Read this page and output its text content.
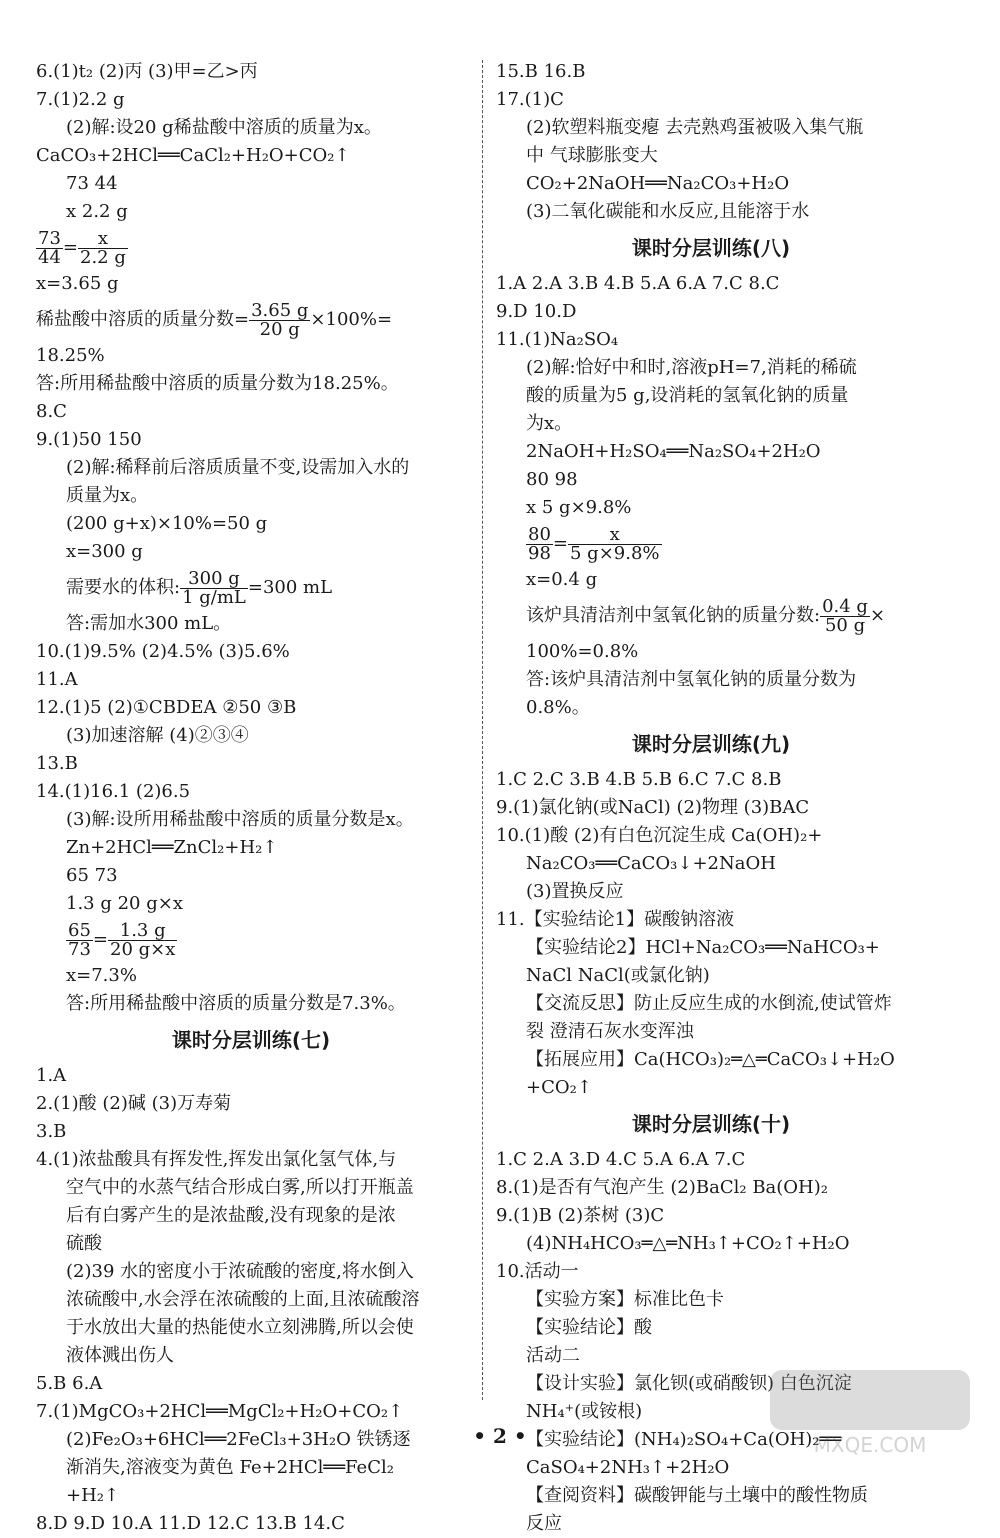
6.(1)t₂ (2)丙 (3)甲=乙>丙
7.(1)2.2 g
(2)解:设20 g稀盐酸中溶质的质量为x。
CaCO₃+2HCl══CaCl₂+H₂O+CO₂↑
73 44
x 2.2 g
$\frac{73}{44} = \frac{x}{2.2 g}$
x=3.65 g
稀盐酸中溶质的质量分数= $\frac{3.65 g}{20 g} \times 100\%=$
18.25%
答:所用稀盐酸中溶质的质量分数为18.25%。
8.C
9.(1)50 150
(2)解:稀释前后溶质质量不变,设需加入水的
质量为x。
(200 g+x)×10%=50 g
x=300 g
需要水的体积: $\frac{300 g}{1 g/mL} =300$ mL
答:需加水300 mL。
10.(1)9.5% (2)4.5% (3)5.6%
11.A
12.(1)5 (2)①CBDEA ②50 ③B
(3)加速溶解 (4)②③④
13.B
14.(1)16.1 (2)6.5
(3)解:设所用稀盐酸中溶质的质量分数是x。
Zn+2HCl══ZnCl₂+H₂↑
65 73
1.3 g 20 g×x
$\frac{65}{73} = \frac{1.3 g}{20 g\times x}$
x=7.3%
答:所用稀盐酸中溶质的质量分数是7.3%。
课时分层训练(七)
1.A
2.(1)酸 (2)碱 (3)万寿菊
3.B
4.(1)浓盐酸具有挥发性,挥发出氯化氢气体,与
空气中的水蒸气结合形成白雾,所以打开瓶盖
后有白雾产生的是浓盐酸,没有现象的是浓
硫酸
(2)39 水的密度小于浓硫酸的密度,将水倒入
浓硫酸中,水会浮在浓硫酸的上面,且浓硫酸溶
于水放出大量的热能使水立刻沸腾,所以会使
液体溅出伤人
5.B 6.A
7.(1)MgCO₃+2HCl══MgCl₂+H₂O+CO₂↑
(2)Fe₂O₃+6HCl══2FeCl₃+3H₂O 铁锈逐
渐消失,溶液变为黄色 Fe+2HCl══FeCl₂
+H₂↑
8.D 9.D 10.A 11.D 12.C 13.B 14.C
15.B 16.B
17.(1)C
(2)软塑料瓶变瘪 去壳熟鸡蛋被吸入集气瓶
中 气球膨胀变大
CO₂+2NaOH══Na₂CO₃+H₂O
(3)二氧化碳能和水反应,且能溶于水
课时分层训练(八)
1.A 2.A 3.B 4.B 5.A 6.A 7.C 8.C
9.D 10.D
11.(1)Na₂SO₄
(2)解:恰好中和时,溶液pH=7,消耗的稀硫
酸的质量为5 g,设消耗的氢氧化钠的质量
为x。
2NaOH+H₂SO₄══Na₂SO₄+2H₂O
80 98
x 5 g×9.8%
$\frac{80}{98} = \frac{x}{5 g\times 9.8\%}$
x=0.4 g
该炉具清洁剂中氢氧化钠的质量分数: $\frac{0.4 g}{50 g}$ ×
100%=0.8%
答:该炉具清洁剂中氢氧化钠的质量分数为
0.8%。
课时分层训练(九)
1.C 2.C 3.B 4.B 5.B 6.C 7.C 8.B
9.(1)氯化钠(或NaCl) (2)物理 (3)BAC
10.(1)酸 (2)有白色沉淀生成 Ca(OH)₂+
Na₂CO₃══CaCO₃↓+2NaOH
(3)置换反应
11.【实验结论1】碳酸钠溶液
【实验结论2】HCl+Na₂CO₃══NaHCO₃+
NaCl NaCl(或氯化钠)
【交流反思】防止反应生成的水倒流,使试管炸
裂 澄清石灰水变浑浊
【拓展应用】Ca(HCO₃)₂═△═CaCO₃↓+H₂O
+CO₂↑
课时分层训练(十)
1.C 2.A 3.D 4.C 5.A 6.A 7.C
8.(1)是否有气泡产生 (2)BaCl₂ Ba(OH)₂
9.(1)B (2)茶树 (3)C
(4)NH₄HCO₃═△═NH₃↑+CO₂↑+H₂O
10.活动一
【实验方案】标准比色卡
【实验结论】酸
活动二
【设计实验】氯化钡(或硝酸钡) 白色沉淀
NH₄⁺(或铵根)
【实验结论】(NH₄)₂SO₄+Ca(OH)₂══
CaSO₄+2NH₃↑+2H₂O
【查阅资料】碳酸钾能与土壤中的酸性物质
反应
• 2 •	MXQE.COM
